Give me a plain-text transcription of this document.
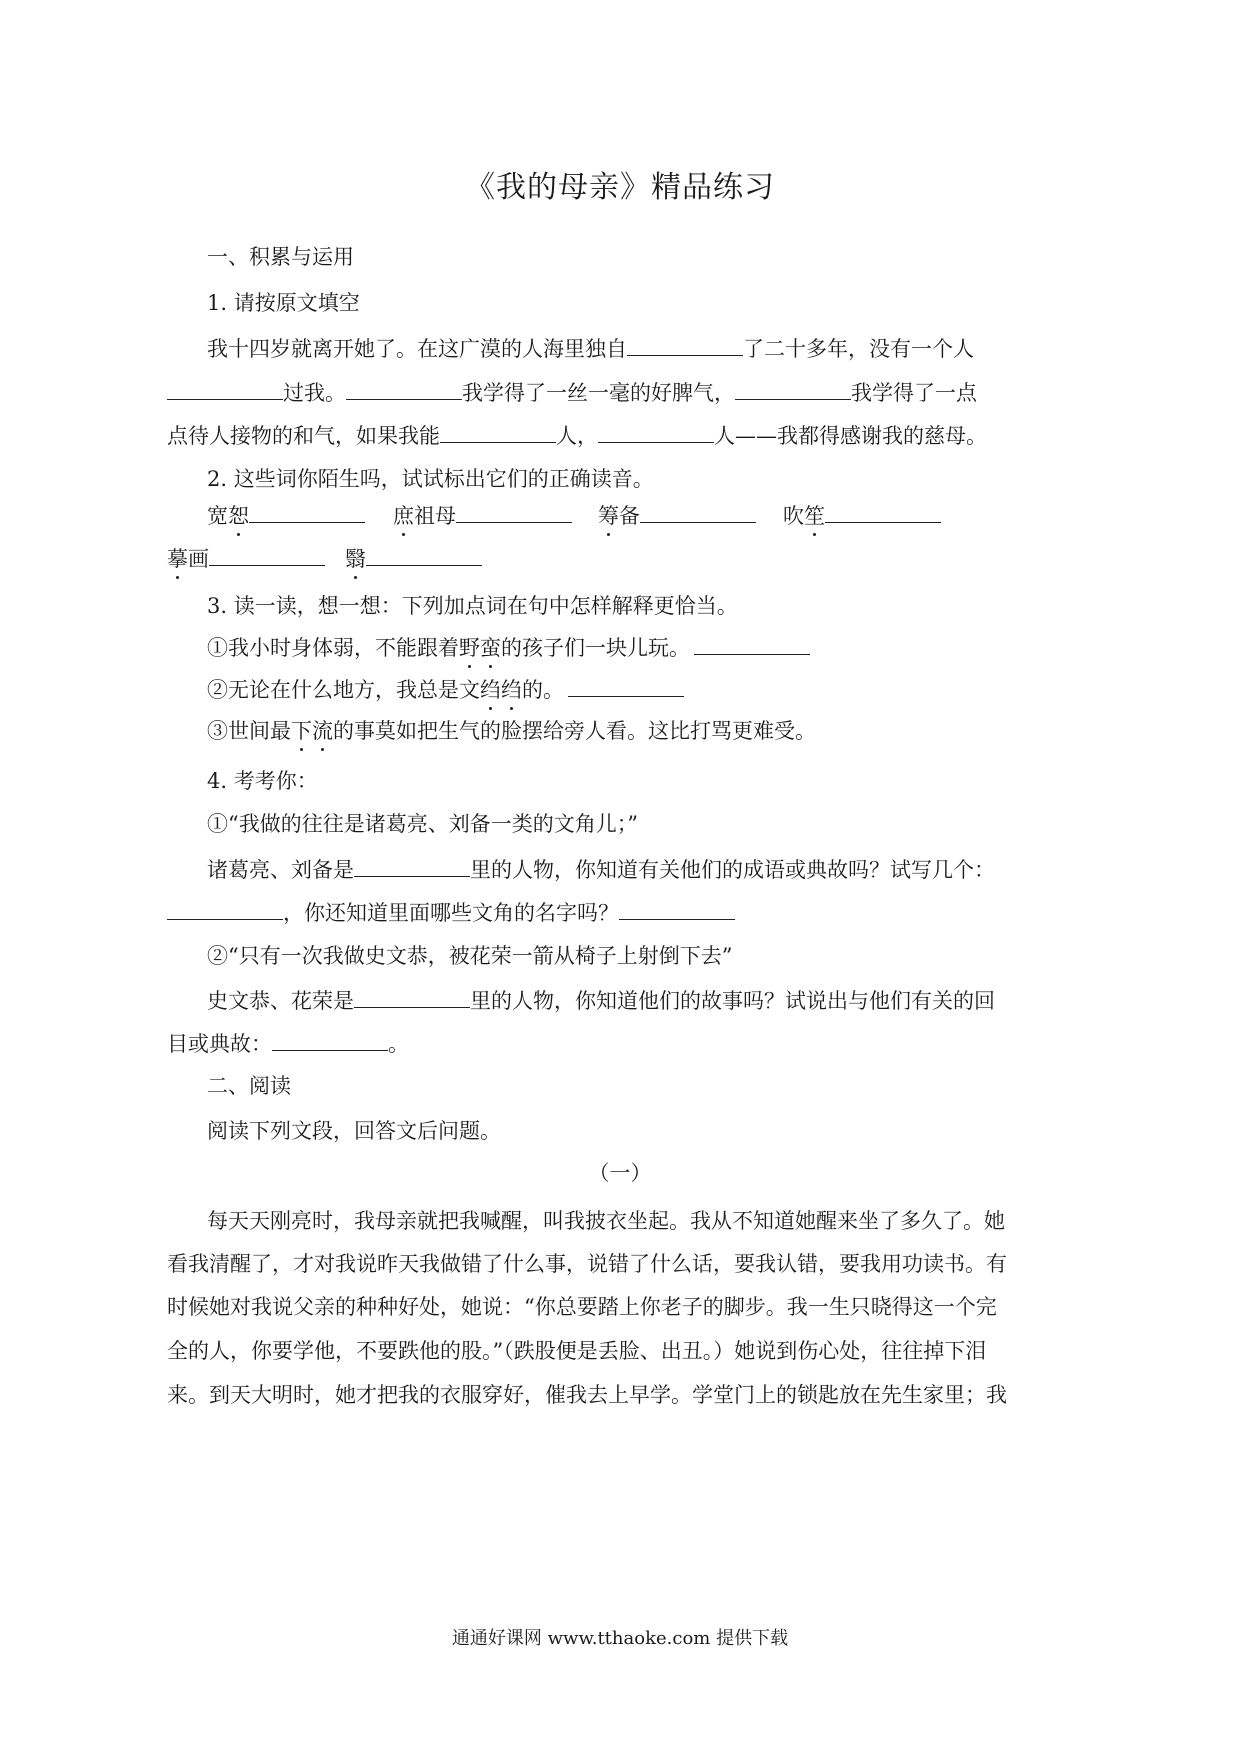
《我的母亲》精品练习
一、积累与运用
1. 请按原文填空
我十四岁就离开她了。在这广漠的人海里独自	了二十多年，没有一个人
过我。	我学得了一丝一毫的好脾气，	我学得了一点
点待人接物的和气，如果我能	人，	人——我都得感谢我的慈母。
2. 这些词你陌生吗，试试标出它们的正确读音。
宽恕	庶祖母	筹备	吹笙
摹画	翳
3. 读一读，想一想：下列加点词在句中怎样解释更恰当。
①我小时身体弱，不能跟着野蛮的孩子们一块儿玩。
②无论在什么地方，我总是文绉绉的。
③世间最下流的事莫如把生气的脸摆给旁人看。这比打骂更难受。
4. 考考你：
①“我做的往往是诸葛亮、刘备一类的文角儿；”
诸葛亮、刘备是	里的人物，你知道有关他们的成语或典故吗？试写几个：
，你还知道里面哪些文角的名字吗？
②“只有一次我做史文恭，被花荣一箭从椅子上射倒下去”
史文恭、花荣是	里的人物，你知道他们的故事吗？试说出与他们有关的回
目或典故：	。
二、阅读
阅读下列文段，回答文后问题。
（一）
每天天刚亮时，我母亲就把我喊醒，叫我披衣坐起。我从不知道她醒来坐了多久了。她
看我清醒了，才对我说昨天我做错了什么事，说错了什么话，要我认错，要我用功读书。有
时候她对我说父亲的种种好处，她说：“你总要踏上你老子的脚步。我一生只晓得这一个完
全的人，你要学他，不要跌他的股。”（跌股便是丢脸、出丑。）她说到伤心处，往往掉下泪
来。到天大明时，她才把我的衣服穿好，催我去上早学。学堂门上的锁匙放在先生家里；我
通通好课网 www.tthaoke.com 提供下载
